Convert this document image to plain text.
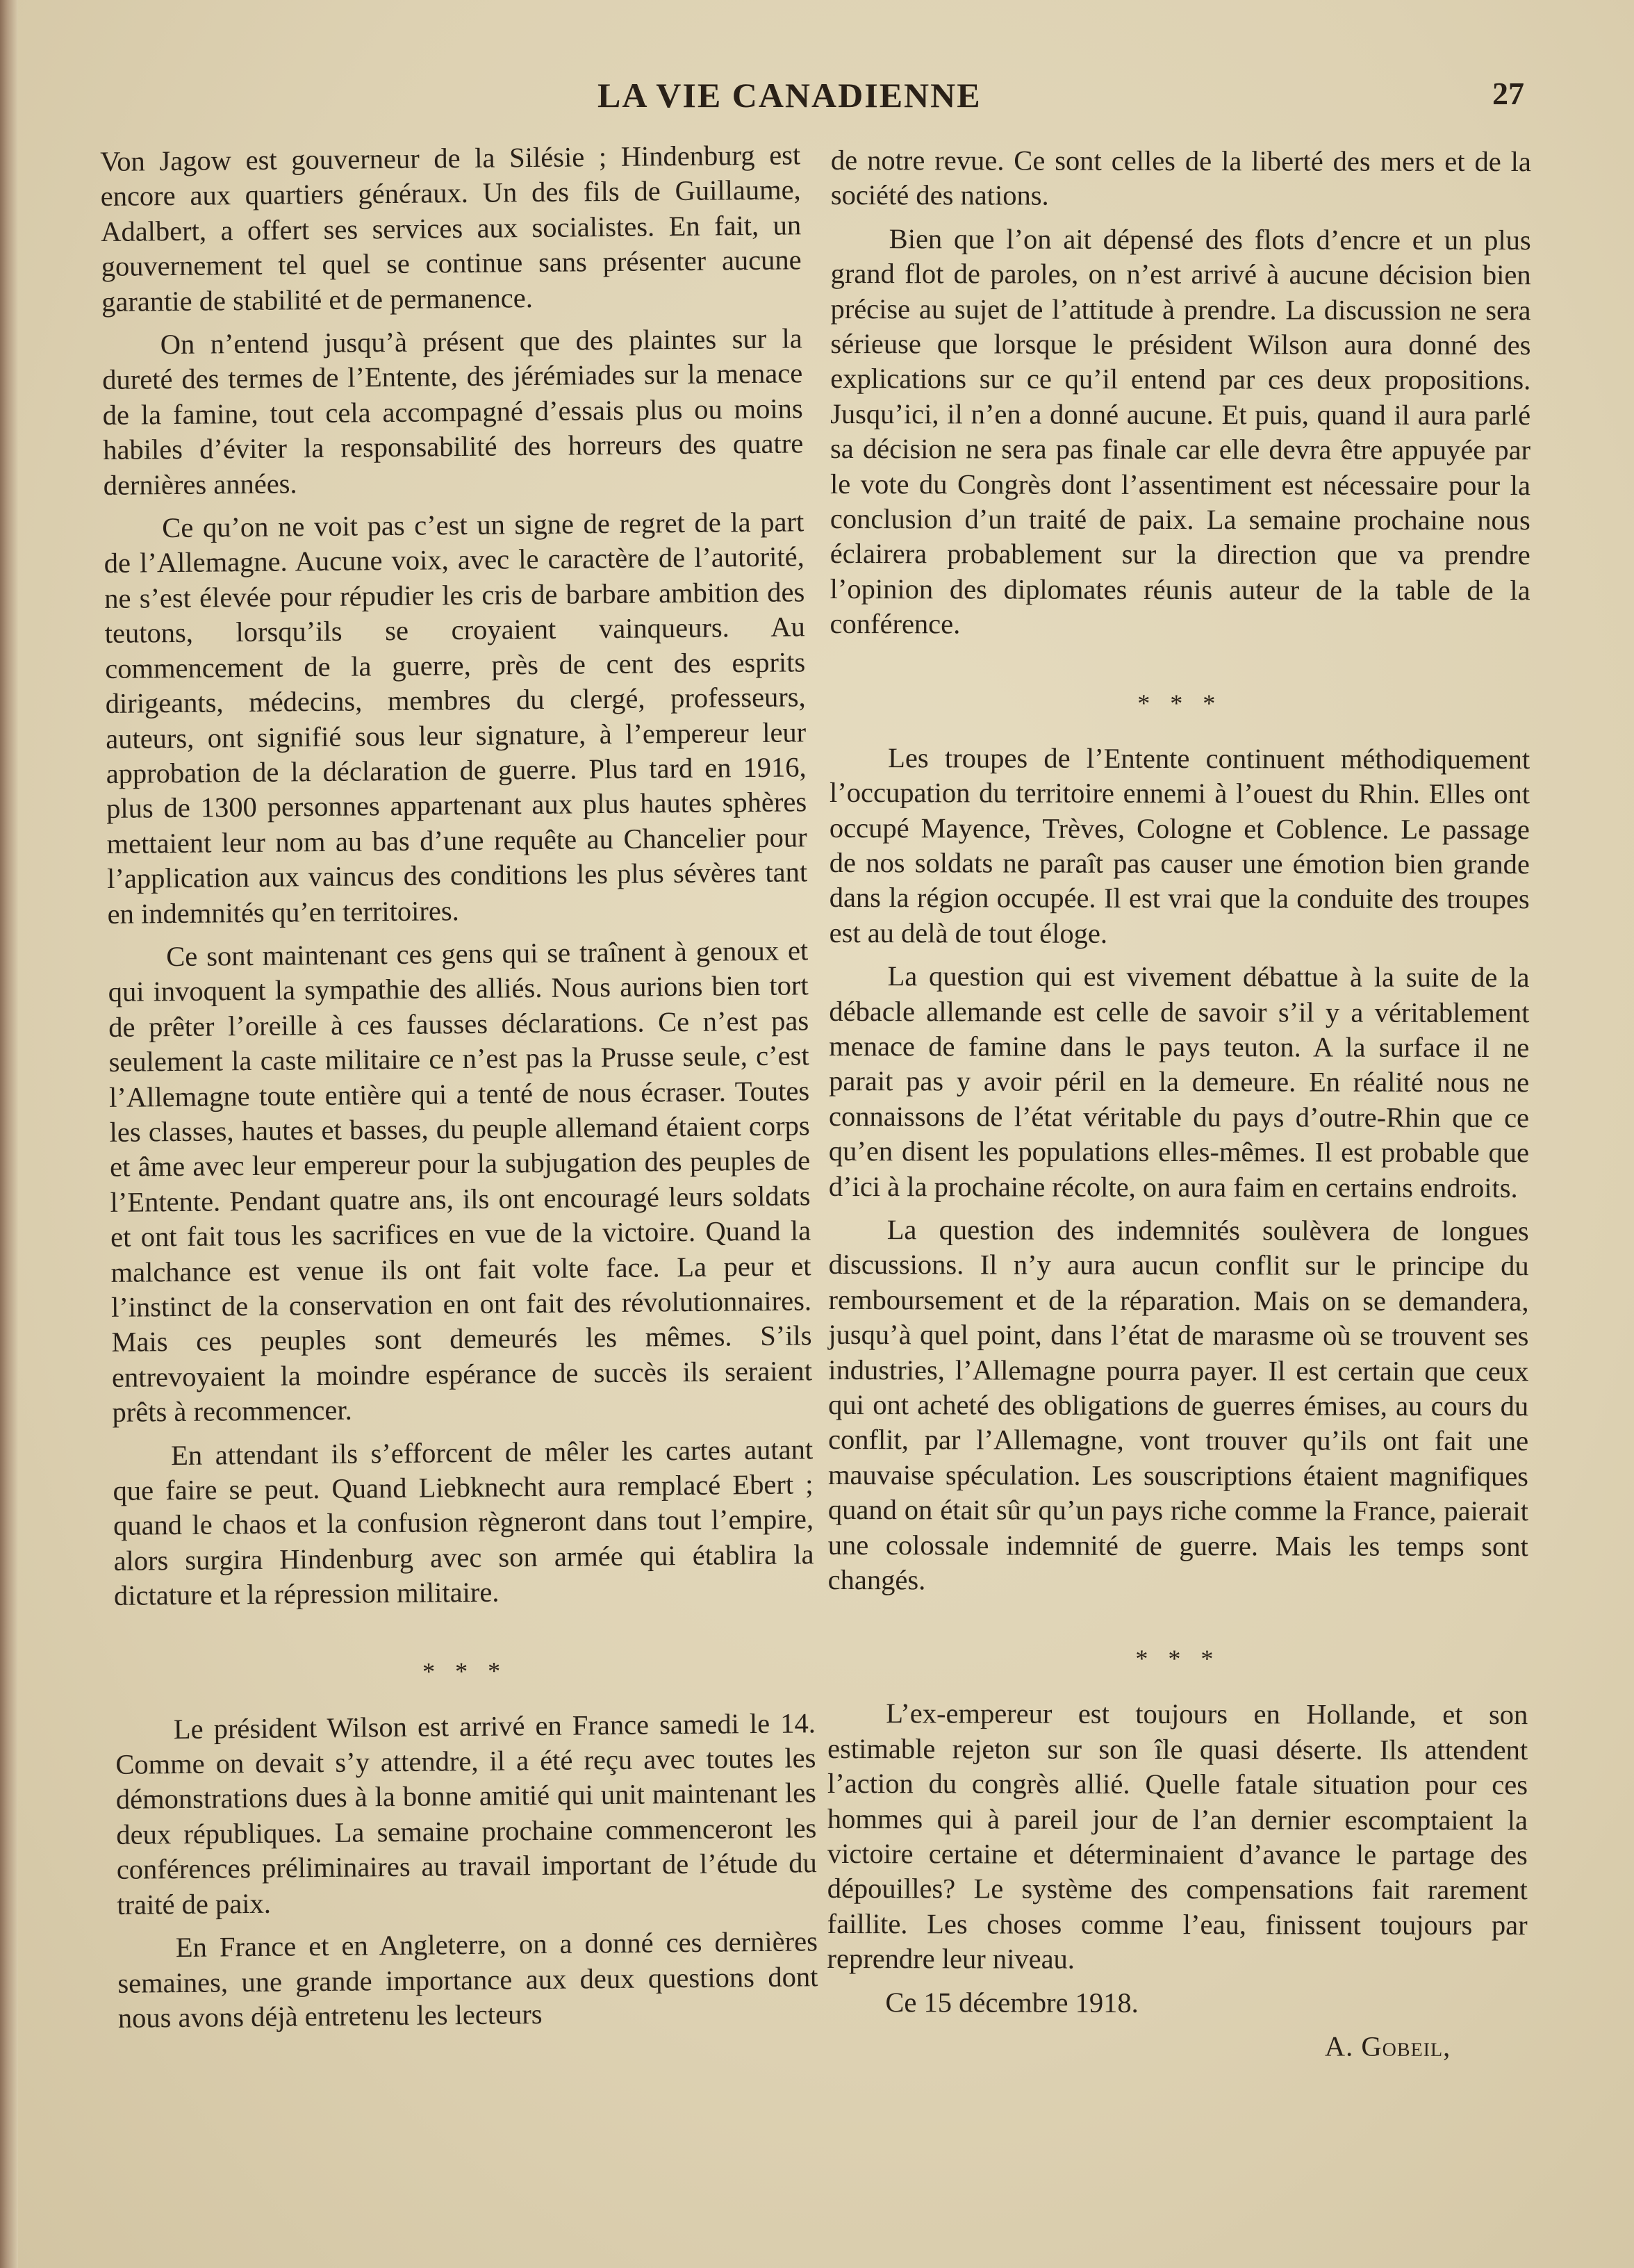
LA VIE CANADIENNE	27

Von Jagow est gouverneur de la Silésie ; Hindenburg est encore aux quartiers généraux. Un des fils de Guillaume, Adalbert, a offert ses services aux socialistes. En fait, un gouvernement tel quel se continue sans présenter aucune garantie de stabilité et de permanence.

On n’entend jusqu’à présent que des plaintes sur la dureté des termes de l’Entente, des jérémiades sur la menace de la famine, tout cela accompagné d’essais plus ou moins habiles d’éviter la responsabilité des horreurs des quatre dernières années.

Ce qu’on ne voit pas c’est un signe de regret de la part de l’Allemagne. Aucune voix, avec le caractère de l’autorité, ne s’est élevée pour répudier les cris de barbare ambition des teutons, lorsqu’ils se croyaient vainqueurs. Au commencement de la guerre, près de cent des esprits dirigeants, médecins, membres du clergé, professeurs, auteurs, ont signifié sous leur signature, à l’empereur leur approbation de la déclaration de guerre. Plus tard en 1916, plus de 1300 personnes appartenant aux plus hautes sphères mettaient leur nom au bas d’une requête au Chancelier pour l’application aux vaincus des conditions les plus sévères tant en indemnités qu’en territoires.

Ce sont maintenant ces gens qui se traînent à genoux et qui invoquent la sympathie des alliés. Nous aurions bien tort de prêter l’oreille à ces fausses déclarations. Ce n’est pas seulement la caste militaire ce n’est pas la Prusse seule, c’est l’Allemagne toute entière qui a tenté de nous écraser. Toutes les classes, hautes et basses, du peuple allemand étaient corps et âme avec leur empereur pour la subjugation des peuples de l’Entente. Pendant quatre ans, ils ont encouragé leurs soldats et ont fait tous les sacrifices en vue de la victoire. Quand la malchance est venue ils ont fait volte face. La peur et l’instinct de la conservation en ont fait des révolutionnaires. Mais ces peuples sont demeurés les mêmes. S’ils entrevoyaient la moindre espérance de succès ils seraient prêts à recommencer.

En attendant ils s’efforcent de mêler les cartes autant que faire se peut. Quand Liebknecht aura remplacé Ebert ; quand le chaos et la confusion règneront dans tout l’empire, alors surgira Hindenburg avec son armée qui établira la dictature et la répression militaire.

* * *

Le président Wilson est arrivé en France samedi le 14. Comme on devait s’y attendre, il a été reçu avec toutes les démonstrations dues à la bonne amitié qui unit maintenant les deux républiques. La semaine prochaine commenceront les conférences préliminaires au travail important de l’étude du traité de paix.

En France et en Angleterre, on a donné ces dernières semaines, une grande importance aux deux questions dont nous avons déjà entretenu les lecteurs

de notre revue. Ce sont celles de la liberté des mers et de la société des nations.

Bien que l’on ait dépensé des flots d’encre et un plus grand flot de paroles, on n’est arrivé à aucune décision bien précise au sujet de l’attitude à prendre. La discussion ne sera sérieuse que lorsque le président Wilson aura donné des explications sur ce qu’il entend par ces deux propositions. Jusqu’ici, il n’en a donné aucune. Et puis, quand il aura parlé sa décision ne sera pas finale car elle devra être appuyée par le vote du Congrès dont l’assentiment est nécessaire pour la conclusion d’un traité de paix. La semaine prochaine nous éclairera probablement sur la direction que va prendre l’opinion des diplomates réunis auteur de la table de la conférence.

* * *

Les troupes de l’Entente continuent méthodiquement l’occupation du territoire ennemi à l’ouest du Rhin. Elles ont occupé Mayence, Trèves, Cologne et Coblence. Le passage de nos soldats ne paraît pas causer une émotion bien grande dans la région occupée. Il est vrai que la conduite des troupes est au delà de tout éloge.

La question qui est vivement débattue à la suite de la débacle allemande est celle de savoir s’il y a véritablement menace de famine dans le pays teuton. A la surface il ne parait pas y avoir péril en la demeure. En réalité nous ne connaissons de l’état véritable du pays d’outre-Rhin que ce qu’en disent les populations elles-mêmes. Il est probable que d’ici à la prochaine récolte, on aura faim en certains endroits.

La question des indemnités soulèvera de longues discussions. Il n’y aura aucun conflit sur le principe du remboursement et de la réparation. Mais on se demandera, jusqu’à quel point, dans l’état de marasme où se trouvent ses industries, l’Allemagne pourra payer. Il est certain que ceux qui ont acheté des obligations de guerres émises, au cours du conflit, par l’Allemagne, vont trouver qu’ils ont fait une mauvaise spéculation. Les souscriptions étaient magnifiques quand on était sûr qu’un pays riche comme la France, paierait une colossale indemnité de guerre. Mais les temps sont changés.

* * *

L’ex-empereur est toujours en Hollande, et son estimable rejeton sur son île quasi déserte. Ils attendent l’action du congrès allié. Quelle fatale situation pour ces hommes qui à pareil jour de l’an dernier escomptaient la victoire certaine et déterminaient d’avance le partage des dépouilles? Le système des compensations fait rarement faillite. Les choses comme l’eau, finissent toujours par reprendre leur niveau.

Ce 15 décembre 1918.

A. Gobeil,
